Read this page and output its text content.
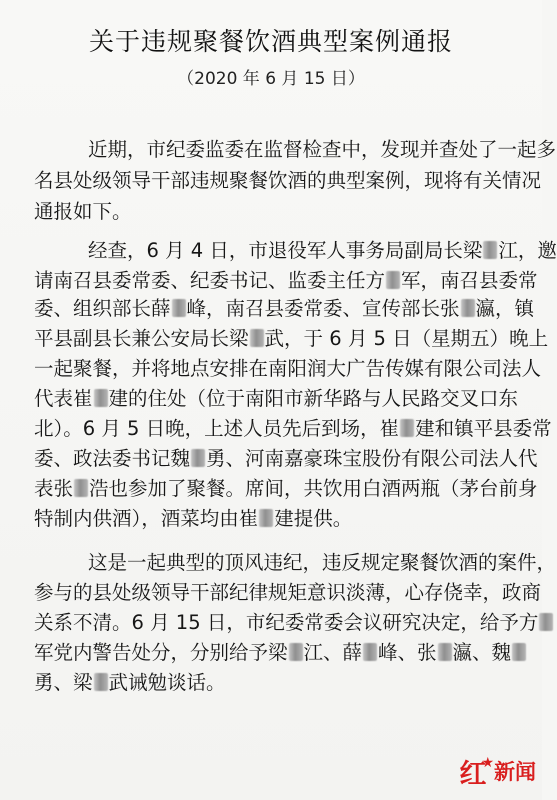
关于违规聚餐饮酒典型案例通报
（2020 年 6 月 15 日）
近期，市纪委监委在监督检查中，发现并查处了一起多
名县处级领导干部违规聚餐饮酒的典型案例，现将有关情况
通报如下。
经查，6 月 4 日，市退役军人事务局副局长梁 江，邀
请南召县委常委、纪委书记、监委主任方 军，南召县委常
委、组织部长薛 峰，南召县委常委、宣传部长张 瀛，镇
平县副县长兼公安局长梁 武，于 6 月 5 日（星期五）晚上
一起聚餐，并将地点安排在南阳润大广告传媒有限公司法人
代表崔 建的住处（位于南阳市新华路与人民路交叉口东
北）。6 月 5 日晚，上述人员先后到场，崔 建和镇平县委常
委、政法委书记魏 勇、河南嘉豪珠宝股份有限公司法人代
表张 浩也参加了聚餐。席间，共饮用白酒两瓶（茅台前身
特制内供酒），酒菜均由崔 建提供。
这是一起典型的顶风违纪，违反规定聚餐饮酒的案件，
参与的县处级领导干部纪律规矩意识淡薄，心存侥幸，政商
关系不清。6 月 15 日，市纪委常委会议研究决定，给予方
军党内警告处分，分别给予梁 江、薛 峰、张 瀛、魏
勇、梁 武诫勉谈话。
红
★ 新闻
